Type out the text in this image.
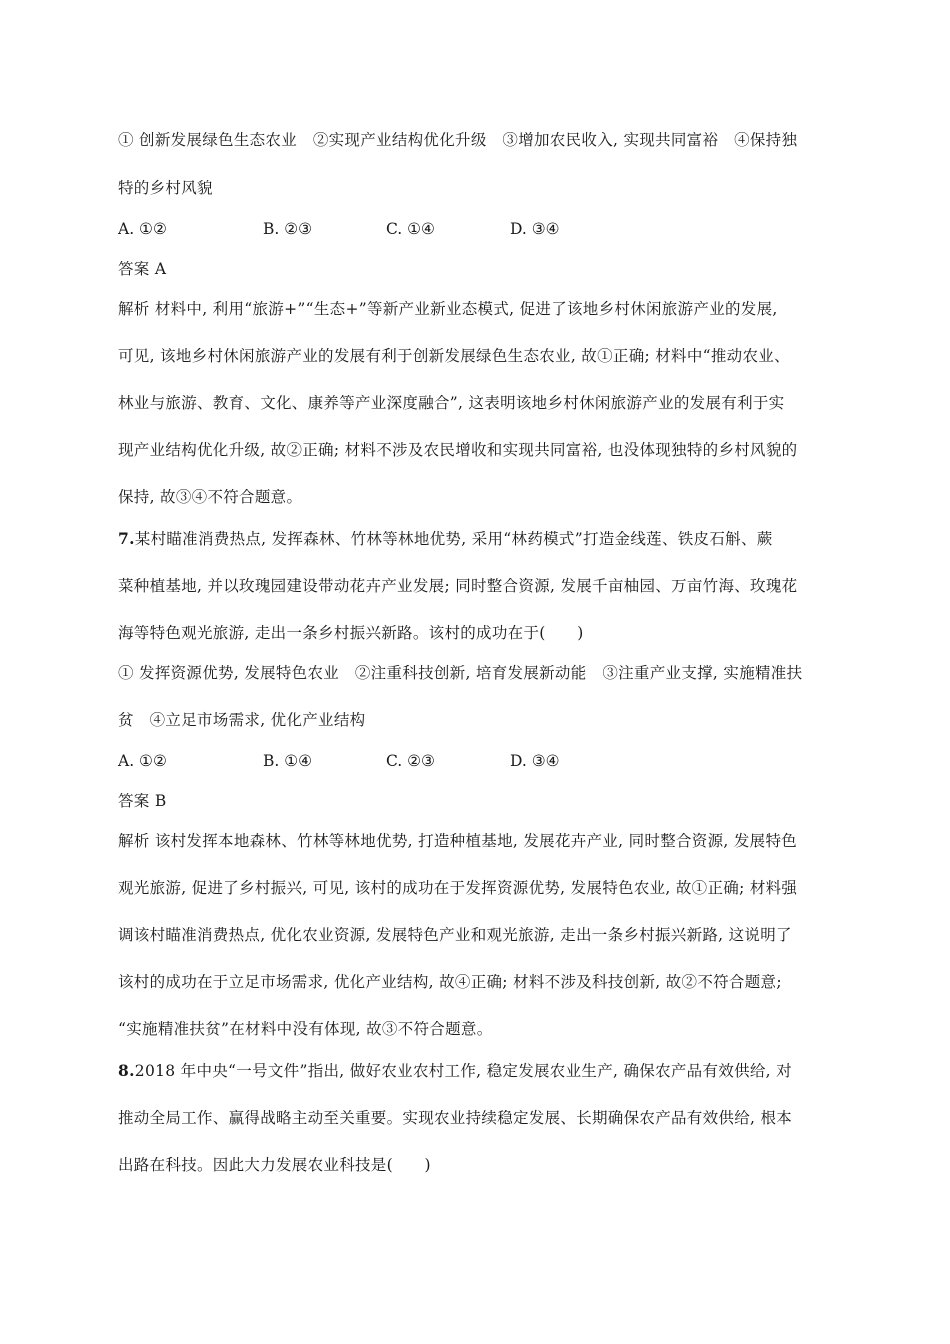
① 创新发展绿色生态农业　②实现产业结构优化升级　③增加农民收入, 实现共同富裕　④保持独
特的乡村风貌
A. ①②	B. ②③	C. ①④	D. ③④
答案 A
解析 材料中, 利用“旅游+”“生态+”等新产业新业态模式, 促进了该地乡村休闲旅游产业的发展,
可见, 该地乡村休闲旅游产业的发展有利于创新发展绿色生态农业, 故①正确; 材料中“推动农业、
林业与旅游、教育、文化、康养等产业深度融合”, 这表明该地乡村休闲旅游产业的发展有利于实
现产业结构优化升级, 故②正确; 材料不涉及农民增收和实现共同富裕, 也没体现独特的乡村风貌的
保持, 故③④不符合题意。
7.某村瞄准消费热点, 发挥森林、竹林等林地优势, 采用“林药模式”打造金线莲、铁皮石斛、蕨
菜种植基地, 并以玫瑰园建设带动花卉产业发展; 同时整合资源, 发展千亩柚园、万亩竹海、玫瑰花
海等特色观光旅游, 走出一条乡村振兴新路。该村的成功在于(　　)
① 发挥资源优势, 发展特色农业　②注重科技创新, 培育发展新动能　③注重产业支撑, 实施精准扶
贫　④立足市场需求, 优化产业结构
A. ①②	B. ①④	C. ②③	D. ③④
答案 B
解析 该村发挥本地森林、竹林等林地优势, 打造种植基地, 发展花卉产业, 同时整合资源, 发展特色
观光旅游, 促进了乡村振兴, 可见, 该村的成功在于发挥资源优势, 发展特色农业, 故①正确; 材料强
调该村瞄准消费热点, 优化农业资源, 发展特色产业和观光旅游, 走出一条乡村振兴新路, 这说明了
该村的成功在于立足市场需求, 优化产业结构, 故④正确; 材料不涉及科技创新, 故②不符合题意;
“实施精准扶贫”在材料中没有体现, 故③不符合题意。
8.2018 年中央“一号文件”指出, 做好农业农村工作, 稳定发展农业生产, 确保农产品有效供给, 对
推动全局工作、赢得战略主动至关重要。实现农业持续稳定发展、长期确保农产品有效供给, 根本
出路在科技。因此大力发展农业科技是(　　)
